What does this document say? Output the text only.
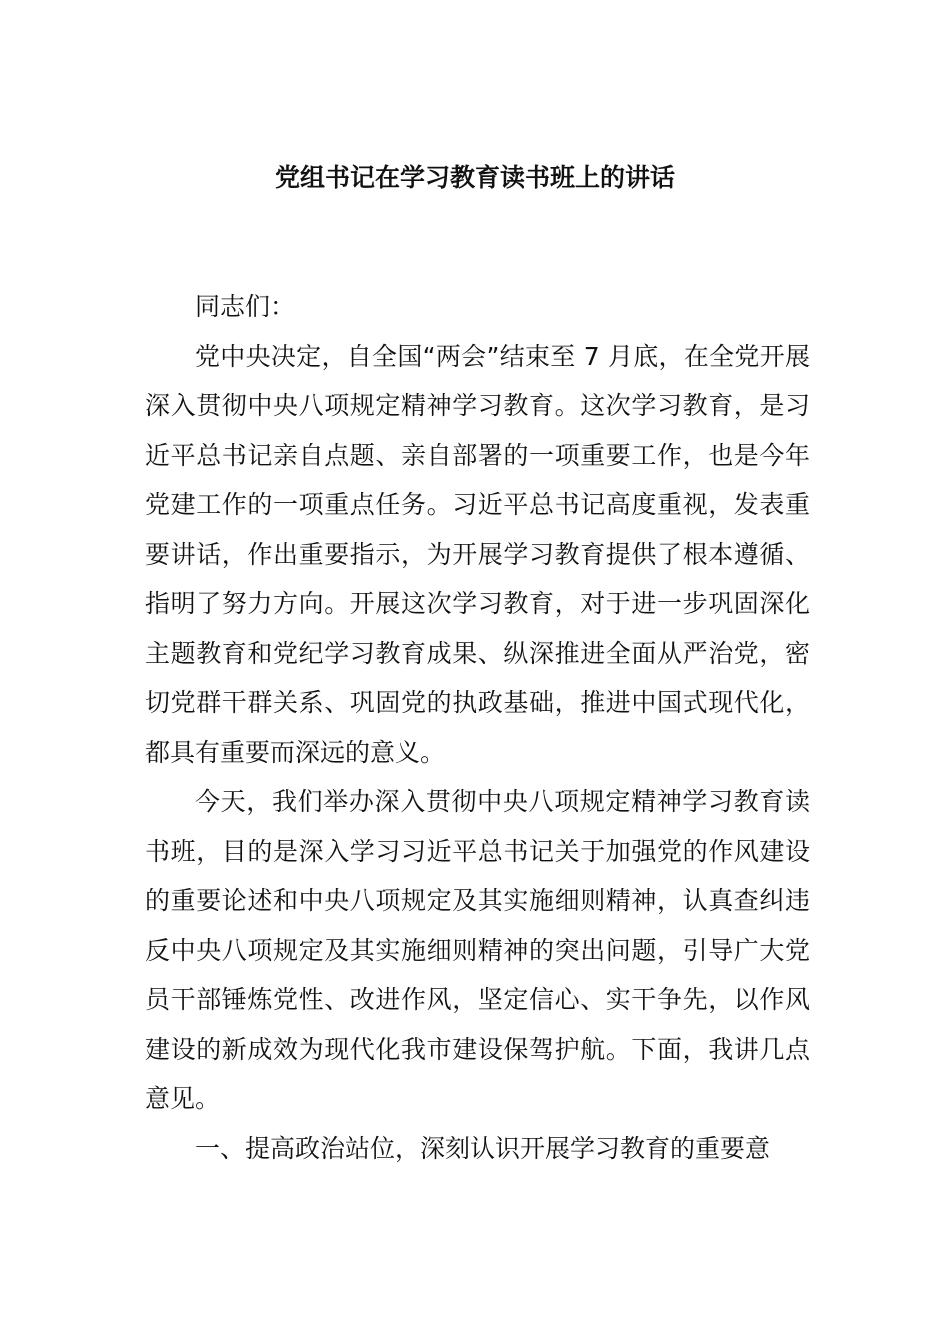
党组书记在学习教育读书班上的讲话

同志们：

党中央决定，自全国“两会”结束至 7 月底，在全党开展深入贯彻中央八项规定精神学习教育。这次学习教育，是习近平总书记亲自点题、亲自部署的一项重要工作，也是今年党建工作的一项重点任务。习近平总书记高度重视，发表重要讲话，作出重要指示，为开展学习教育提供了根本遵循、指明了努力方向。开展这次学习教育，对于进一步巩固深化主题教育和党纪学习教育成果、纵深推进全面从严治党，密切党群干群关系、巩固党的执政基础，推进中国式现代化，都具有重要而深远的意义。

今天，我们举办深入贯彻中央八项规定精神学习教育读书班，目的是深入学习习近平总书记关于加强党的作风建设的重要论述和中央八项规定及其实施细则精神，认真查纠违反中央八项规定及其实施细则精神的突出问题，引导广大党员干部锤炼党性、改进作风，坚定信心、实干争先，以作风建设的新成效为现代化我市建设保驾护航。下面，我讲几点意见。

一、提高政治站位，深刻认识开展学习教育的重要意
